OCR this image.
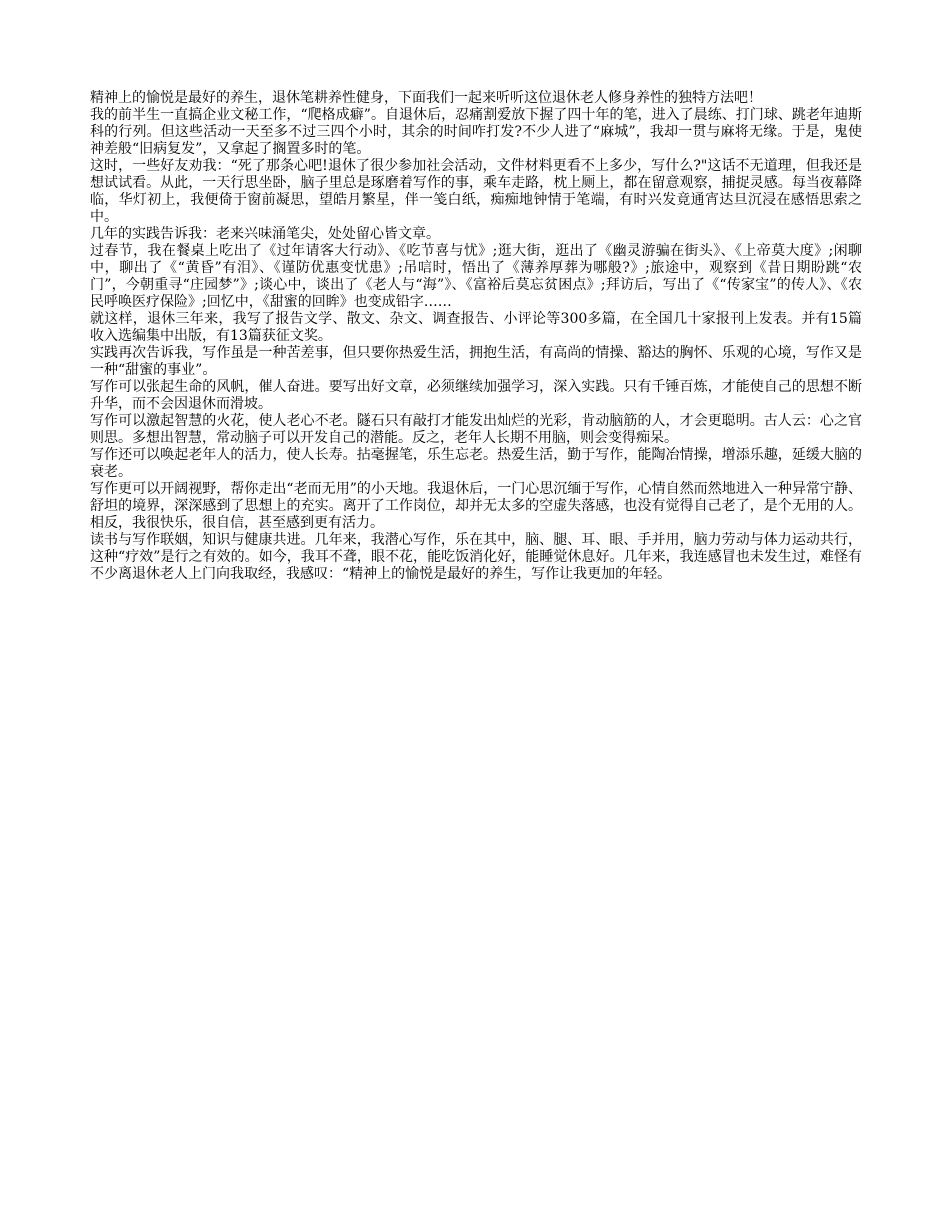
精神上的愉悦是最好的养生，退休笔耕养性健身，下面我们一起来听听这位退休老人修身养性的独特方法吧！

我的前半生一直搞企业文秘工作，“爬格成癖”。自退休后，忍痛割爱放下握了四十年的笔，进入了晨练、打门球、跳老年迪斯科的行列。但这些活动一天至多不过三四个小时，其余的时间咋打发?不少人进了“麻城”，我却一贯与麻将无缘。于是，鬼使神差般“旧病复发”，又拿起了搁置多时的笔。

这时，一些好友劝我：“死了那条心吧!退休了很少参加社会活动，文件材料更看不上多少，写什么?"这话不无道理，但我还是想试试看。从此，一天行思坐卧，脑子里总是琢磨着写作的事，乘车走路，枕上厕上，都在留意观察，捕捉灵感。每当夜幕降临，华灯初上，我便倚于窗前凝思，望皓月繁星，伴一笺白纸，痴痴地钟情于笔端，有时兴发竟通宵达旦沉浸在感悟思索之中。

几年的实践告诉我：老来兴味涌笔尖，处处留心皆文章。

过春节，我在餐桌上吃出了《过年请客大行动》、《吃节喜与忧》;逛大街，逛出了《幽灵游骗在街头》、《上帝莫大度》;闲聊中，聊出了《“黄昏”有泪》、《谨防优惠变忧患》;吊唁时，悟出了《薄养厚葬为哪般?》;旅途中，观察到《昔日期盼跳“农门”，今朝重寻“庄园梦”》;谈心中，谈出了《老人与“海”》、《富裕后莫忘贫困点》;拜访后，写出了《“传家宝”的传人》、《农民呼唤医疗保险》;回忆中，《甜蜜的回眸》也变成铅字……

就这样，退休三年来，我写了报告文学、散文、杂文、调查报告、小评论等300多篇，在全国几十家报刊上发表。并有15篇收入选编集中出版，有13篇获征文奖。

实践再次告诉我，写作虽是一种苦差事，但只要你热爱生活，拥抱生活，有高尚的情操、豁达的胸怀、乐观的心境，写作又是一种“甜蜜的事业”。

写作可以张起生命的风帆，催人奋进。要写出好文章，必须继续加强学习，深入实践。只有千锤百炼，才能使自己的思想不断升华，而不会因退休而滑坡。

写作可以激起智慧的火花，使人老心不老。隧石只有敲打才能发出灿烂的光彩，肯动脑筋的人，才会更聪明。古人云：心之官则思。多想出智慧，常动脑子可以开发自己的潜能。反之，老年人长期不用脑，则会变得痴呆。

写作还可以唤起老年人的活力，使人长寿。拈毫握笔，乐生忘老。热爱生活，勤于写作，能陶冶情操，增添乐趣，延缓大脑的衰老。

写作更可以开阔视野，帮你走出“老而无用”的小天地。我退休后，一门心思沉缅于写作，心情自然而然地进入一种异常宁静、舒坦的境界，深深感到了思想上的充实。离开了工作岗位，却并无太多的空虚失落感，也没有觉得自己老了，是个无用的人。相反，我很快乐，很自信，甚至感到更有活力。

读书与写作联姻，知识与健康共进。几年来，我潜心写作，乐在其中，脑、腿、耳、眼、手并用，脑力劳动与体力运动共行，这种“疗效”是行之有效的。如今，我耳不聋，眼不花，能吃饭消化好，能睡觉休息好。几年来，我连感冒也未发生过，难怪有不少离退休老人上门向我取经，我感叹：“精神上的愉悦是最好的养生，写作让我更加的年轻。
